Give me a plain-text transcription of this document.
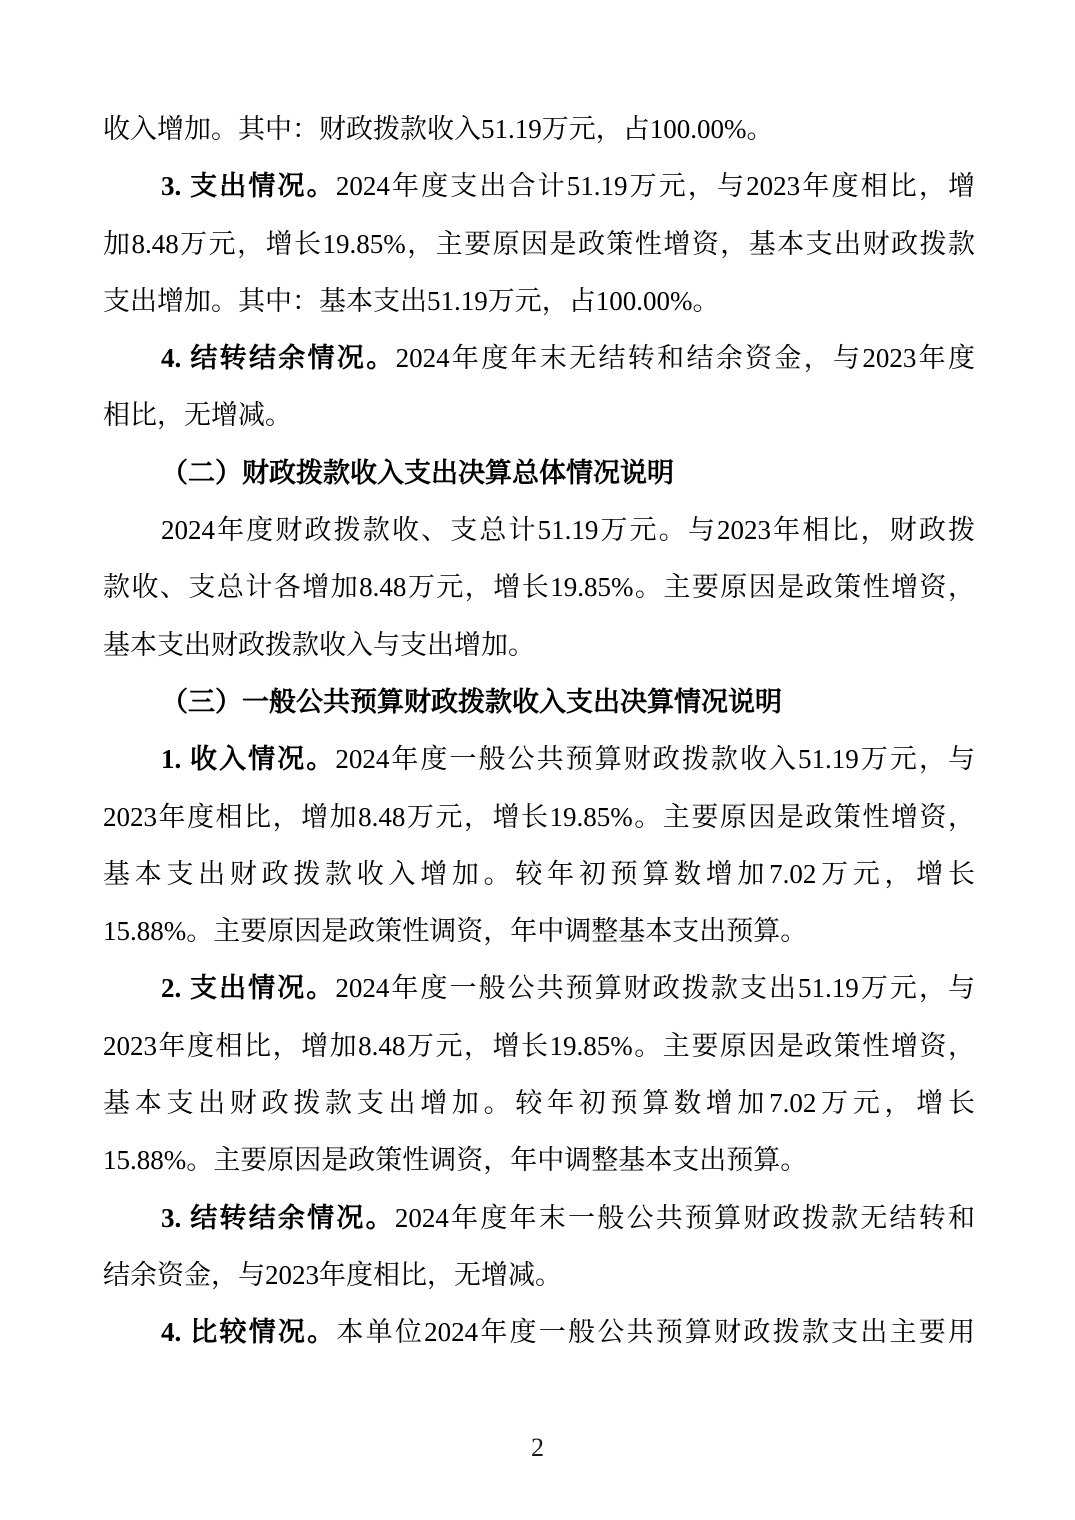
收入增加。其中：财政拨款收入51.19万元，占100.00%。
3. 支出情况。2024年度支出合计51.19万元，与2023年度相比，增
加8.48万元，增长19.85%，主要原因是政策性增资，基本支出财政拨款
支出增加。其中：基本支出51.19万元，占100.00%。
4. 结转结余情况。2024年度年末无结转和结余资金，与2023年度
相比，无增减。
（二）财政拨款收入支出决算总体情况说明
2024年度财政拨款收、支总计51.19万元。与2023年相比，财政拨
款收、支总计各增加8.48万元，增长19.85%。主要原因是政策性增资，
基本支出财政拨款收入与支出增加。
（三）一般公共预算财政拨款收入支出决算情况说明
1. 收入情况。2024年度一般公共预算财政拨款收入51.19万元，与
2023年度相比，增加8.48万元，增长19.85%。主要原因是政策性增资，
基本支出财政拨款收入增加。较年初预算数增加7.02万元，增长
15.88%。主要原因是政策性调资，年中调整基本支出预算。
2. 支出情况。2024年度一般公共预算财政拨款支出51.19万元，与
2023年度相比，增加8.48万元，增长19.85%。主要原因是政策性增资，
基本支出财政拨款支出增加。较年初预算数增加7.02万元，增长
15.88%。主要原因是政策性调资，年中调整基本支出预算。
3. 结转结余情况。2024年度年末一般公共预算财政拨款无结转和
结余资金，与2023年度相比，无增减。
4. 比较情况。本单位2024年度一般公共预算财政拨款支出主要用
2
